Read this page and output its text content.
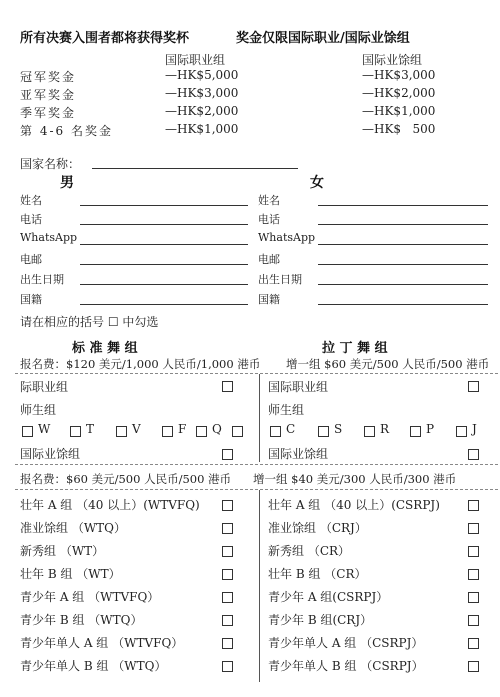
所有决赛入围者都将获得奖杯	奖金仅限国际职业/国际业馀组
国际职业组	国际业馀组
冠军奖金	—HK$5,000	—HK$3,000
亚军奖金	—HK$3,000	—HK$2,000
季军奖金	—HK$2,000	—HK$1,000
第 4-6 名奖金	—HK$1,000	—HK$   500
国家名称：
男	女
姓名
电话
WhatsApp
电邮
出生日期
国籍
姓名
电话
WhatsApp
电邮
出生日期
国籍
请在相应的括号 ☐ 中勾选
标 准 舞 组	拉 丁 舞 组
报名费：$120 美元/1,000 人民币/1,000 港币 增一组 $60 美元/500 人民币/500 港币
际职业组
师生组
W	T	V	F Q
国际业馀组
国际职业组
师生组
C	S	R	P	J
国际业馀组
报名费：$60 美元/500 人民币/500 港币 增一组 $40 美元/300 人民币/300 港币
壮年 A 组 （40 以上）(WTVFQ)
准业馀组 （WTQ）
新秀组 （WT）
壮年 B 组 （WT）
青少年 A 组 （WTVFQ）
青少年 B 组 （WTQ）
青少年单人 A 组 （WTVFQ）
青少年单人 B 组 （WTQ）
壮年 A 组 （40 以上）(CSRPJ)
准业馀组 （CRJ）
新秀组 （CR）
壮年 B 组 （CR）
青少年 A 组(CSRPJ）
青少年 B 组(CRJ）
青少年单人 A 组 （CSRPJ）
青少年单人 B 组 （CSRPJ）
